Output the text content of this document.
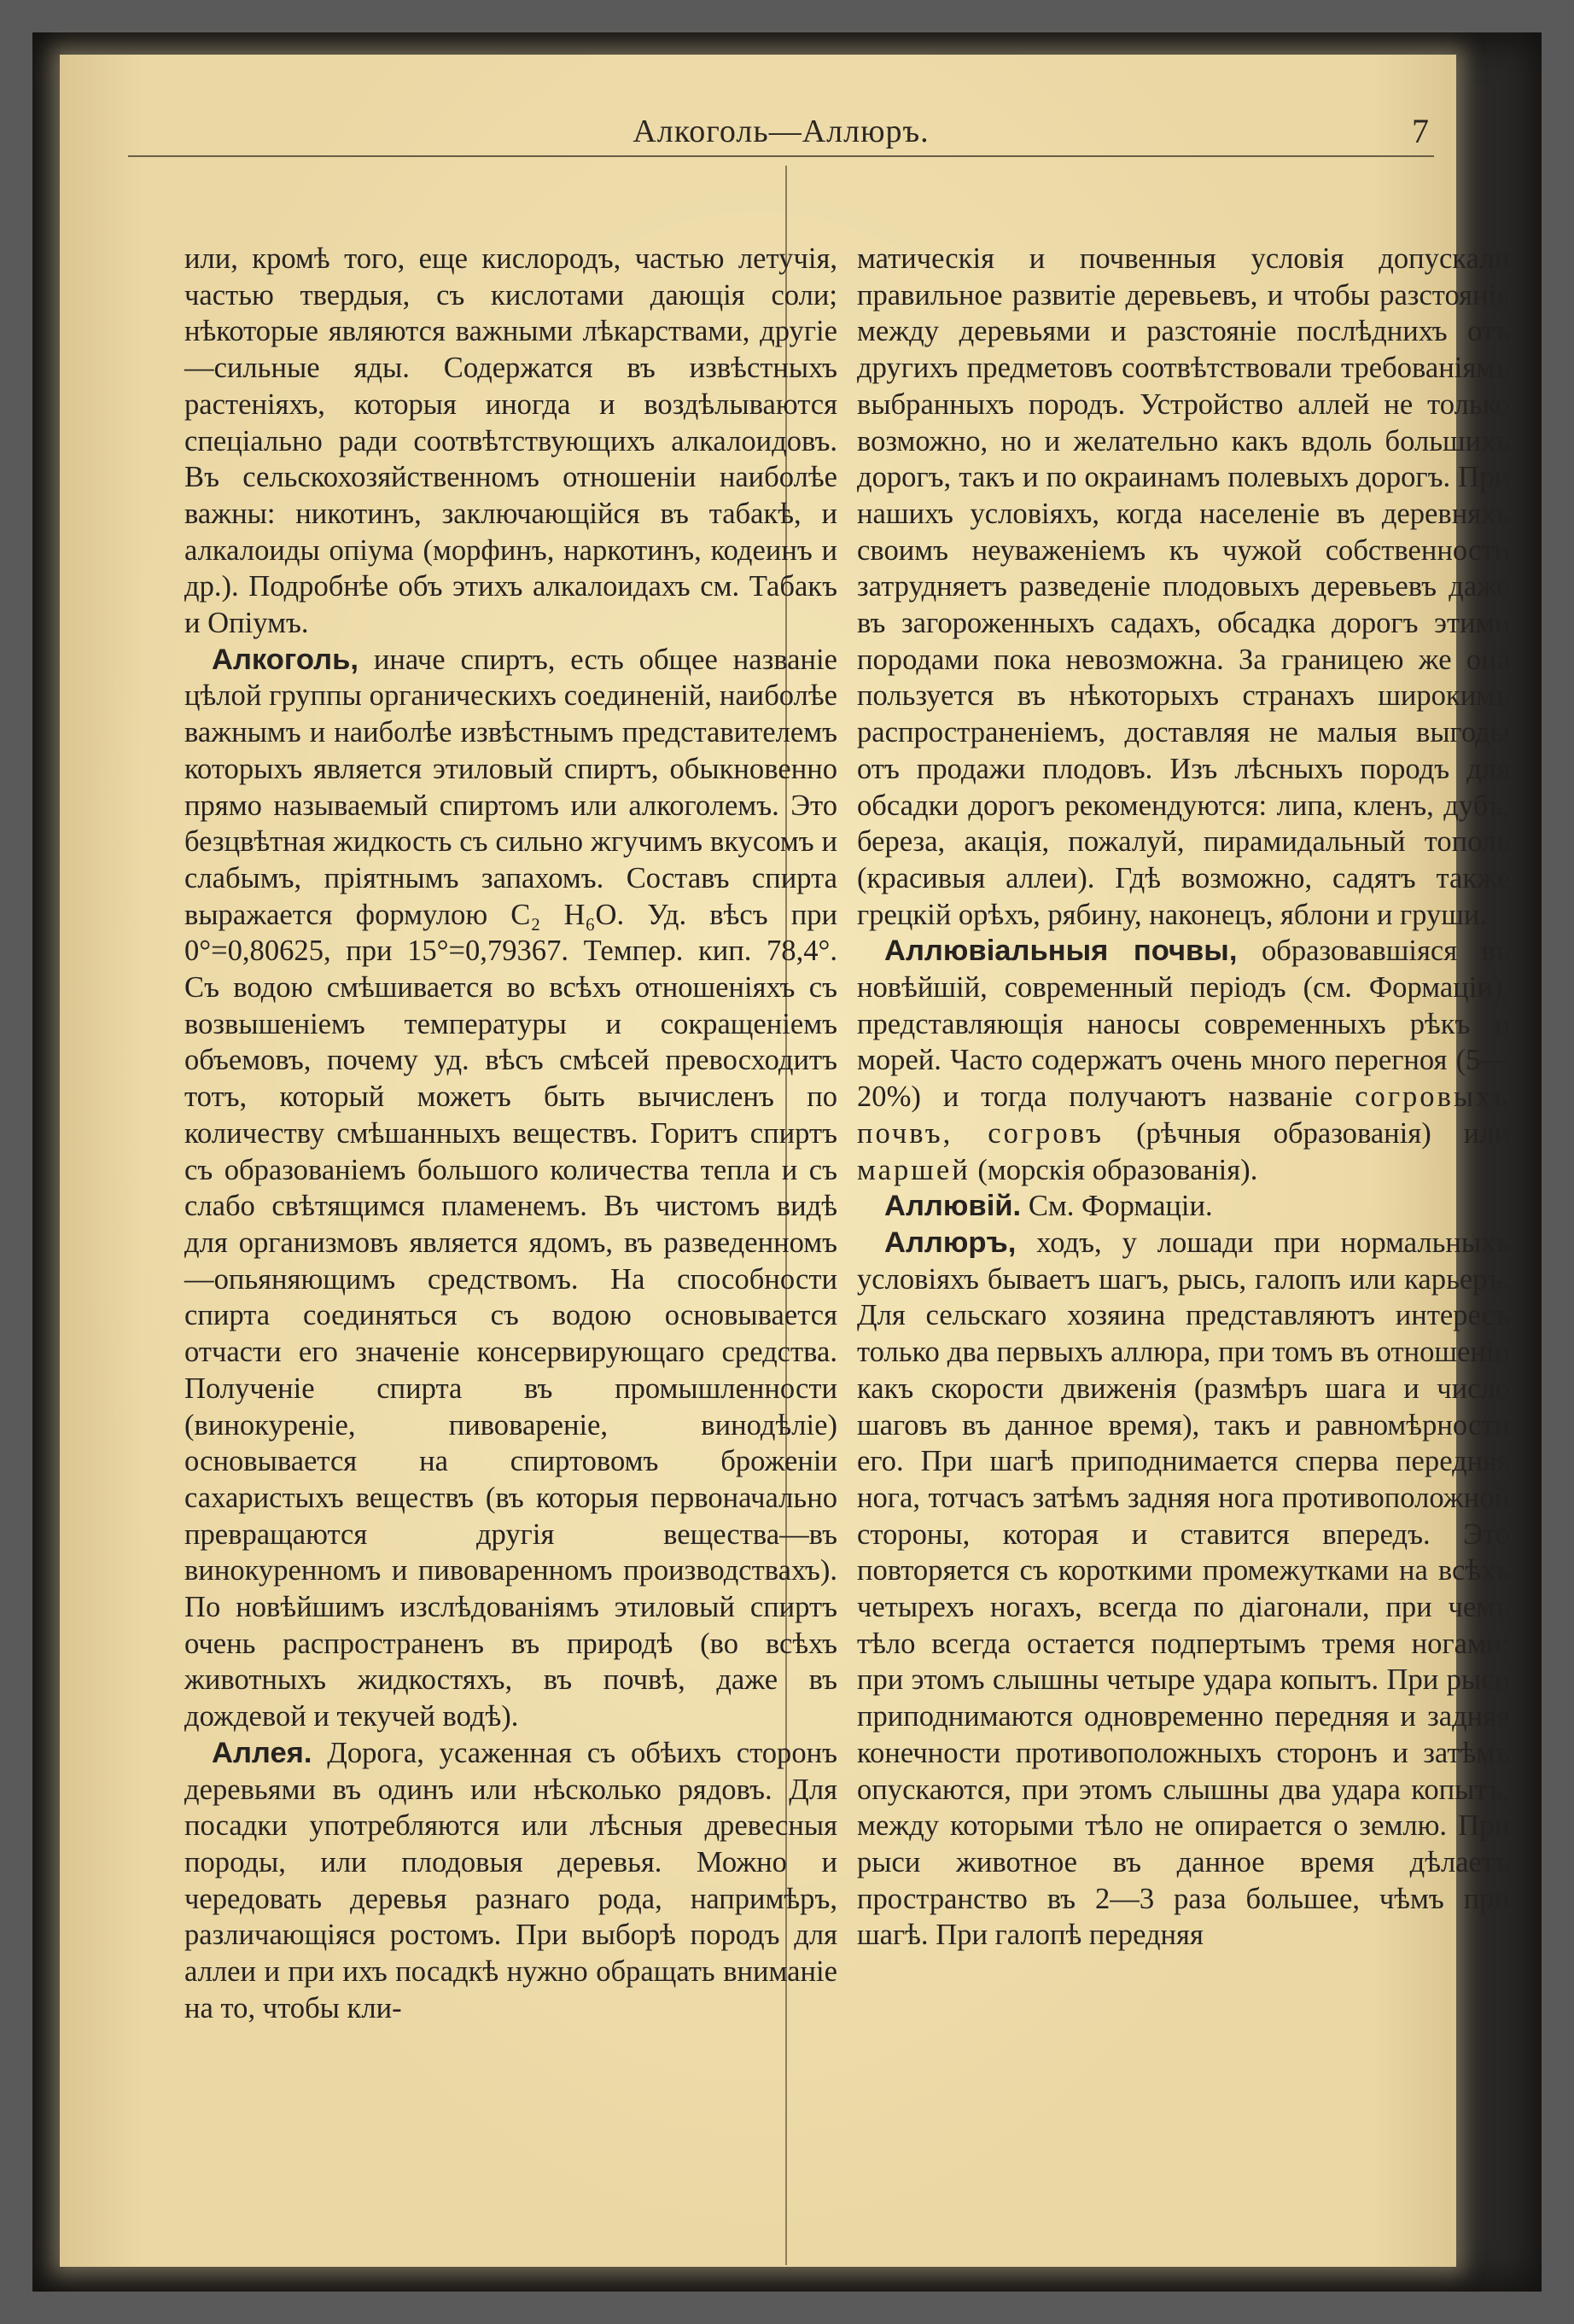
Алкоголь—Аллюръ.	7

или, кромѣ того, еще кислородъ, частью летучія, частью твердыя, съ кислотами дающія соли; нѣкоторые являются важными лѣкарствами, другіе—сильные яды. Содержатся въ извѣстныхъ растеніяхъ, которыя иногда и воздѣлываются спеціально ради соотвѣтствующихъ алкалоидовъ. Въ сельскохозяйственномъ отношеніи наиболѣе важны: никотинъ, заключающійся въ табакѣ, и алкалоиды опіума (морфинъ, наркотинъ, кодеинъ и др.). Подробнѣе объ этихъ алкалоидахъ см. Табакъ и Опіумъ.

Алкоголь, иначе спиртъ, есть общее названіе цѣлой группы органическихъ соединеній, наиболѣе важнымъ и наиболѣе извѣстнымъ представителемъ которыхъ является этиловый спиртъ, обыкновенно прямо называемый спиртомъ или алкоголемъ. Это безцвѣтная жидкость съ сильно жгучимъ вкусомъ и слабымъ, пріятнымъ запахомъ. Составъ спирта выражается формулою C₂ H₆O. Уд. вѣсъ при 0°=0,80625, при 15°=0,79367. Темпер. кип. 78,4°. Съ водою смѣшивается во всѣхъ отношеніяхъ съ возвышеніемъ температуры и сокращеніемъ объемовъ, почему уд. вѣсъ смѣсей превосходитъ тотъ, который можетъ быть вычисленъ по количеству смѣшанныхъ веществъ. Горитъ спиртъ съ образованіемъ большого количества тепла и съ слабо свѣтящимся пламенемъ. Въ чистомъ видѣ для организмовъ является ядомъ, въ разведенномъ—опьяняющимъ средствомъ. На способности спирта соединяться съ водою основывается отчасти его значеніе консервирующаго средства. Полученіе спирта въ промышленности (винокуреніе, пивовареніе, винодѣліе) основывается на спиртовомъ броженіи сахаристыхъ веществъ (въ которыя первоначально превращаются другія вещества—въ винокуренномъ и пивоваренномъ производствахъ). По новѣйшимъ изслѣдованіямъ этиловый спиртъ очень распространенъ въ природѣ (во всѣхъ животныхъ жидкостяхъ, въ почвѣ, даже въ дождевой и текучей водѣ).

Аллея. Дорога, усаженная съ обѣихъ сторонъ деревьями въ одинъ или нѣсколько рядовъ. Для посадки употребляются или лѣсныя древесныя породы, или плодовыя деревья. Можно и чередовать деревья разнаго рода, напримѣръ, различающіяся ростомъ. При выборѣ породъ для аллеи и при ихъ посадкѣ нужно обращать вниманіе на то, чтобы кли-

матическія и почвенныя условія допускали правильное развитіе деревьевъ, и чтобы разстоянія между деревьями и разстояніе послѣднихъ отъ другихъ предметовъ соотвѣтствовали требованіямъ выбранныхъ породъ. Устройство аллей не только возможно, но и желательно какъ вдоль большихъ дорогъ, такъ и по окраинамъ полевыхъ дорогъ. При нашихъ условіяхъ, когда населеніе въ деревняхъ своимъ неуваженіемъ къ чужой собственности затрудняетъ разведеніе плодовыхъ деревьевъ даже въ загороженныхъ садахъ, обсадка дорогъ этими породами пока невозможна. За границею же она пользуется въ нѣкоторыхъ странахъ широкимъ распространеніемъ, доставляя не малыя выгоды отъ продажи плодовъ. Изъ лѣсныхъ породъ для обсадки дорогъ рекомендуются: липа, кленъ, дубъ, береза, акація, пожалуй, пирамидальный тополь (красивыя аллеи). Гдѣ возможно, садятъ также грецкій орѣхъ, рябину, наконецъ, яблони и груши.

Аллювіальныя почвы, образовавшіяся въ новѣйшій, современный періодъ (см. Формаціи), представляющія наносы современныхъ рѣкъ и морей. Часто содержатъ очень много перегноя (5—20%) и тогда получаютъ названіе согровыхъ почвъ, согровъ (рѣчныя образованія) или маршей (морскія образованія).

Аллювій. См. Формаціи.

Аллюръ, ходъ, у лошади при нормальныхъ условіяхъ бываетъ шагъ, рысь, галопъ или карьеръ. Для сельскаго хозяина представляютъ интересъ только два первыхъ аллюра, при томъ въ отношеніи какъ скорости движенія (размѣръ шага и число шаговъ въ данное время), такъ и равномѣрности его. При шагѣ приподнимается сперва передняя нога, тотчасъ затѣмъ задняя нога противоположной стороны, которая и ставится впередъ. Это повторяется съ короткими промежутками на всѣхъ четырехъ ногахъ, всегда по діагонали, при чемъ тѣло всегда остается подпертымъ тремя ногами; при этомъ слышны четыре удара копытъ. При рыси приподнимаются одновременно передняя и задняя конечности противоположныхъ сторонъ и затѣмъ опускаются, при этомъ слышны два удара копытъ, между которыми тѣло не опирается о землю. При рыси животное въ данное время дѣлаетъ пространство въ 2—3 раза большее, чѣмъ при шагѣ. При галопѣ передняя
